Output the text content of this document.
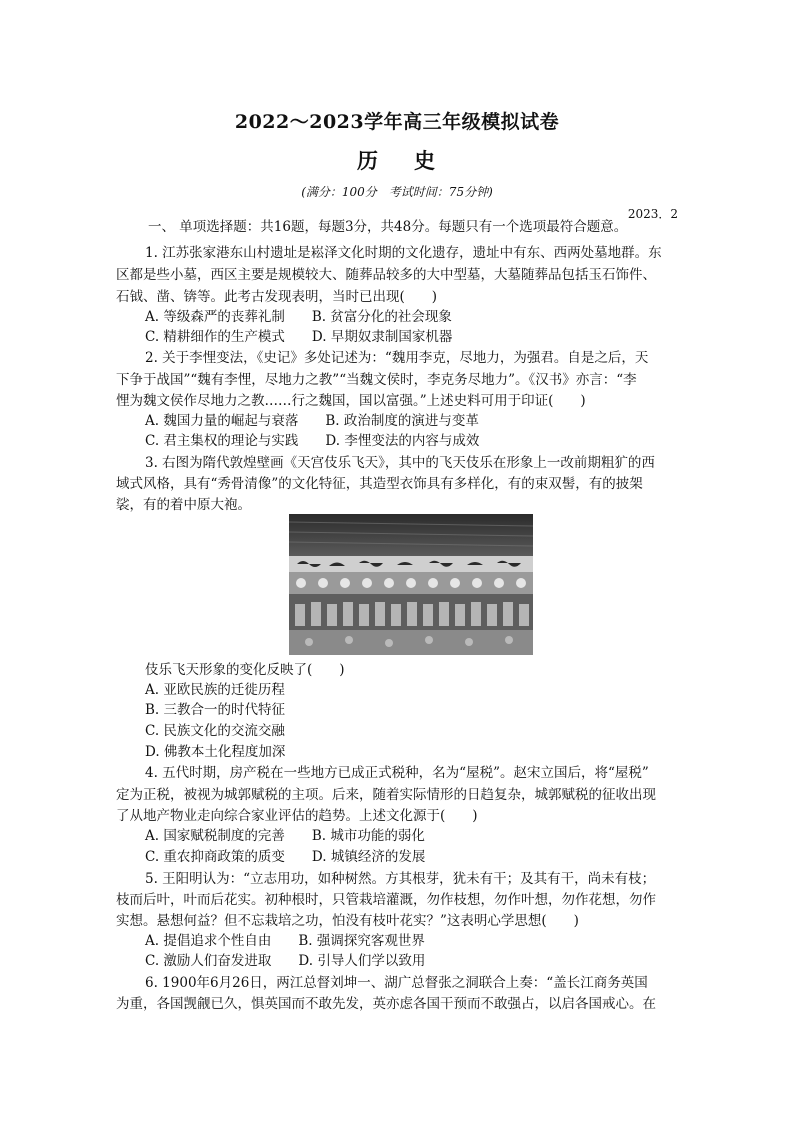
2022～2023学年高三年级模拟试卷
历 史
(满分：100分　考试时间：75分钟)
2023．2
一、 单项选择题：共16题，每题3分，共48分。每题只有一个选项最符合题意。
1. 江苏张家港东山村遗址是崧泽文化时期的文化遗存，遗址中有东、西两处墓地群。东
区都是些小墓，西区主要是规模较大、随葬品较多的大中型墓，大墓随葬品包括玉石饰件、
石钺、凿、锛等。此考古发现表明，当时已出现(　　)
A. 等级森严的丧葬礼制　　B. 贫富分化的社会现象
C. 精耕细作的生产模式　　D. 早期奴隶制国家机器
2. 关于李悝变法，《史记》多处记述为：“魏用李克，尽地力，为强君。自是之后，天
下争于战国”“魏有李悝，尽地力之教”“当魏文侯时，李克务尽地力”。《汉书》亦言：“李
悝为魏文侯作尽地力之教……行之魏国，国以富强。”上述史料可用于印证(　　)
A. 魏国力量的崛起与衰落　　B. 政治制度的演进与变革
C. 君主集权的理论与实践　　D. 李悝变法的内容与成效
3. 右图为隋代敦煌壁画《天宫伎乐飞天》，其中的飞天伎乐在形象上一改前期粗犷的西
域式风格，具有“秀骨清像”的文化特征，其造型衣饰具有多样化，有的束双髻，有的披架
裟，有的着中原大袍。
伎乐飞天形象的变化反映了(　　)
A. 亚欧民族的迁徙历程
B. 三教合一的时代特征
C. 民族文化的交流交融
D. 佛教本土化程度加深
4. 五代时期，房产税在一些地方已成正式税种，名为“屋税”。赵宋立国后，将“屋税”
定为正税，被视为城郭赋税的主项。后来，随着实际情形的日趋复杂，城郭赋税的征收出现
了从地产物业走向综合家业评估的趋势。上述文化源于(　　)
A. 国家赋税制度的完善　　B. 城市功能的弱化
C. 重农抑商政策的质变　　D. 城镇经济的发展
5. 王阳明认为：“立志用功，如种树然。方其根芽，犹未有干；及其有干，尚未有枝；
枝而后叶，叶而后花实。初种根时，只管栽培灌溉，勿作枝想，勿作叶想，勿作花想，勿作
实想。悬想何益？但不忘栽培之功，怕没有枝叶花实？”这表明心学思想(　　)
A. 提倡追求个性自由　　B. 强调探究客观世界
C. 激励人们奋发进取　　D. 引导人们学以致用
6. 1900年6月26日，两江总督刘坤一、湖广总督张之洞联合上奏：“盖长江商务英国
为重，各国觊觎已久，惧英国而不敢先发，英亦虑各国干预而不敢强占，以启各国戒心。在
